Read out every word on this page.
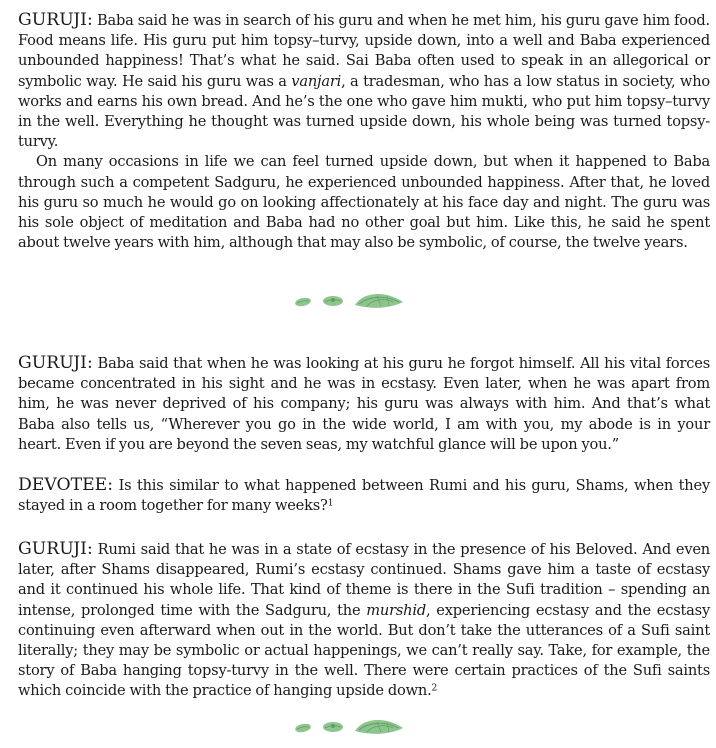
GURUJI: Baba said he was in search of his guru and when he met him, his guru gave him food. Food means life. His guru put him topsy–turvy, upside down, into a well and Baba experienced unbounded happiness! That’s what he said. Sai Baba often used to speak in an allegorical or symbolic way. He said his guru was a vanjari, a tradesman, who has a low status in society, who works and earns his own bread. And he’s the one who gave him mukti, who put him topsy–turvy in the well. Everything he thought was turned upside down, his whole being was turned topsy-turvy.

On many occasions in life we can feel turned upside down, but when it happened to Baba through such a competent Sadguru, he experienced unbounded happiness. After that, he loved his guru so much he would go on looking affectionately at his face day and night. The guru was his sole object of meditation and Baba had no other goal but him. Like this, he said he spent about twelve years with him, although that may also be symbolic, of course, the twelve years.

GURUJI: Baba said that when he was looking at his guru he forgot himself. All his vital forces became concentrated in his sight and he was in ecstasy. Even later, when he was apart from him, he was never deprived of his company; his guru was always with him. And that’s what Baba also tells us, “Wherever you go in the wide world, I am with you, my abode is in your heart. Even if you are beyond the seven seas, my watchful glance will be upon you.”

DEVOTEE: Is this similar to what happened between Rumi and his guru, Shams, when they stayed in a room together for many weeks?$^1$

GURUJI: Rumi said that he was in a state of ecstasy in the presence of his Beloved. And even later, after Shams disappeared, Rumi’s ecstasy continued. Shams gave him a taste of ecstasy and it continued his whole life. That kind of theme is there in the Sufi tradition – spending an intense, prolonged time with the Sadguru, the murshid, experiencing ecstasy and the ecstasy continuing even afterward when out in the world. But don’t take the utterances of a Sufi saint literally; they may be symbolic or actual happenings, we can’t really say. Take, for example, the story of Baba hanging topsy-turvy in the well. There were certain practices of the Sufi saints which coincide with the practice of hanging upside down.$^2$
